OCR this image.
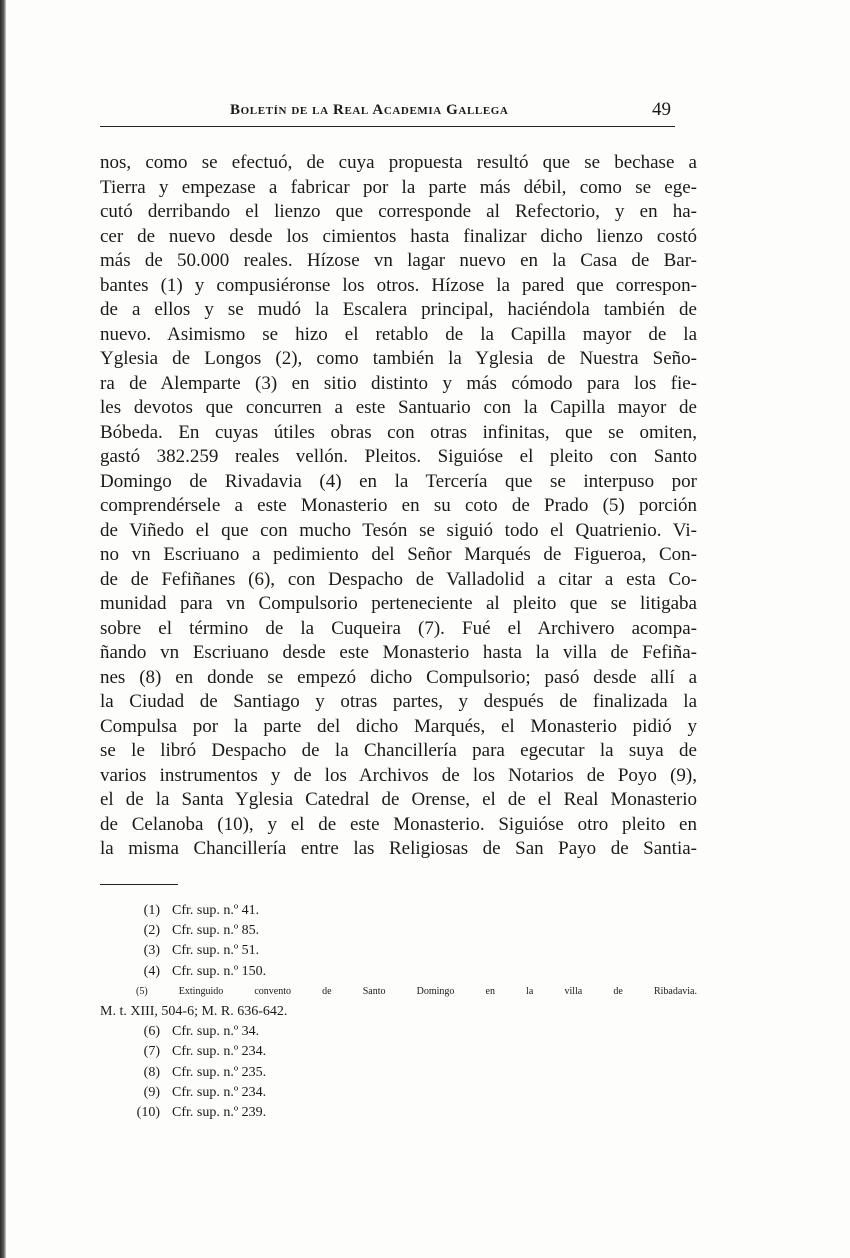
Boletín de la Real Academia Gallega	49
nos, como se efectuó, de cuya propuesta resultó que se bechase a
Tierra y empezase a fabricar por la parte más débil, como se ege-
cutó derribando el lienzo que corresponde al Refectorio, y en ha-
cer de nuevo desde los cimientos hasta finalizar dicho lienzo costó
más de 50.000 reales. Hízose vn lagar nuevo en la Casa de Bar-
bantes (1) y compusiéronse los otros. Hízose la pared que correspon-
de a ellos y se mudó la Escalera principal, haciéndola también de
nuevo. Asimismo se hizo el retablo de la Capilla mayor de la
Yglesia de Longos (2), como también la Yglesia de Nuestra Seño-
ra de Alemparte (3) en sitio distinto y más cómodo para los fie-
les devotos que concurren a este Santuario con la Capilla mayor de
Bóbeda. En cuyas útiles obras con otras infinitas, que se omiten,
gastó 382.259 reales vellón. Pleitos. Siguióse el pleito con Santo
Domingo de Rivadavia (4) en la Tercería que se interpuso por
comprendérsele a este Monasterio en su coto de Prado (5) porción
de Viñedo el que con mucho Tesón se siguió todo el Quatrienio. Vi-
no vn Escriuano a pedimiento del Señor Marqués de Figueroa, Con-
de de Fefiñanes (6), con Despacho de Valladolid a citar a esta Co-
munidad para vn Compulsorio perteneciente al pleito que se litigaba
sobre el término de la Cuqueira (7). Fué el Archivero acompa-
ñando vn Escriuano desde este Monasterio hasta la villa de Fefiña-
nes (8) en donde se empezó dicho Compulsorio; pasó desde allí a
la Ciudad de Santiago y otras partes, y después de finalizada la
Compulsa por la parte del dicho Marqués, el Monasterio pidió y
se le libró Despacho de la Chancillería para egecutar la suya de
varios instrumentos y de los Archivos de los Notarios de Poyo (9),
el de la Santa Yglesia Catedral de Orense, el de el Real Monasterio
de Celanoba (10), y el de este Monasterio. Siguióse otro pleito en
la misma Chancillería entre las Religiosas de San Payo de Santia-
(1) Cfr. sup. n.º 41.
(2) Cfr. sup. n.º 85.
(3) Cfr. sup. n.º 51.
(4) Cfr. sup. n.º 150.
(5) Extinguido convento de Santo Domingo en la villa de Ribadavia.
M. t. XIII, 504-6; M. R. 636-642.
(6) Cfr. sup. n.º 34.
(7) Cfr. sup. n.º 234.
(8) Cfr. sup. n.º 235.
(9) Cfr. sup. n.º 234.
(10) Cfr. sup. n.º 239.
